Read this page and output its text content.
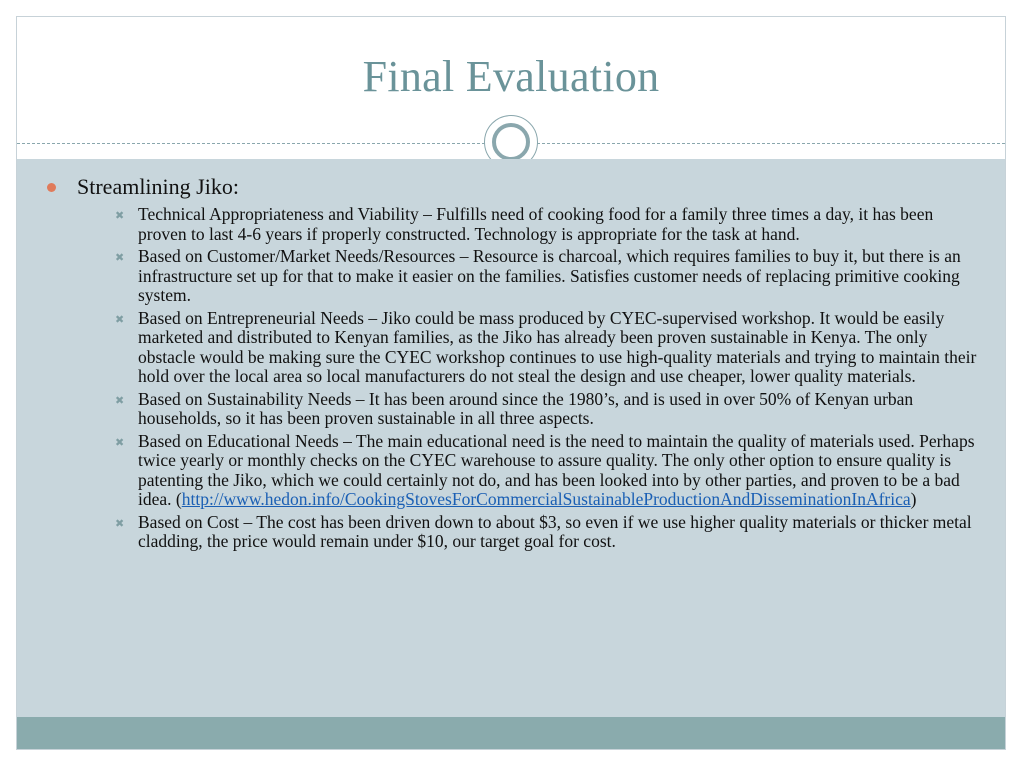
Final Evaluation
Streamlining Jiko:
✖ Technical Appropriateness and Viability – Fulfills need of cooking food for a family three times a day, it has been proven to last 4-6 years if properly constructed. Technology is appropriate for the task at hand.
✖ Based on Customer/Market Needs/Resources – Resource is charcoal, which requires families to buy it, but there is an infrastructure set up for that to make it easier on the families. Satisfies customer needs of replacing primitive cooking system.
✖ Based on Entrepreneurial Needs – Jiko could be mass produced by CYEC-supervised workshop. It would be easily marketed and distributed to Kenyan families, as the Jiko has already been proven sustainable in Kenya. The only obstacle would be making sure the CYEC workshop continues to use high-quality materials and trying to maintain their hold over the local area so local manufacturers do not steal the design and use cheaper, lower quality materials.
✖ Based on Sustainability Needs – It has been around since the 1980’s, and is used in over 50% of Kenyan urban households, so it has been proven sustainable in all three aspects.
✖ Based on Educational Needs – The main educational need is the need to maintain the quality of materials used. Perhaps twice yearly or monthly checks on the CYEC warehouse to assure quality. The only other option to ensure quality is patenting the Jiko, which we could certainly not do, and has been looked into by other parties, and proven to be a bad idea. (http://www.hedon.info/CookingStovesForCommercialSustainableProductionAndDisseminationInAfrica)
✖ Based on Cost – The cost has been driven down to about $3, so even if we use higher quality materials or thicker metal cladding, the price would remain under $10, our target goal for cost.
